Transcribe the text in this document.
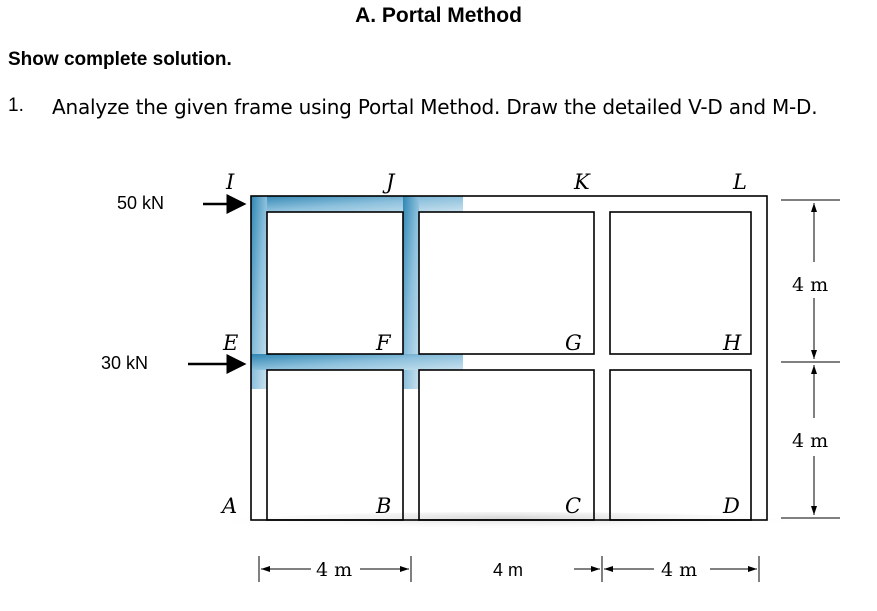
A. Portal Method
Show complete solution.
1. Analyze the given frame using Portal Method. Draw the detailed V-D and M-D.
50 kN
30 kN
I	J	K	L
E	F	G	H
A	B	C	D
4 m	4 m	4 m
4 m
4 m
